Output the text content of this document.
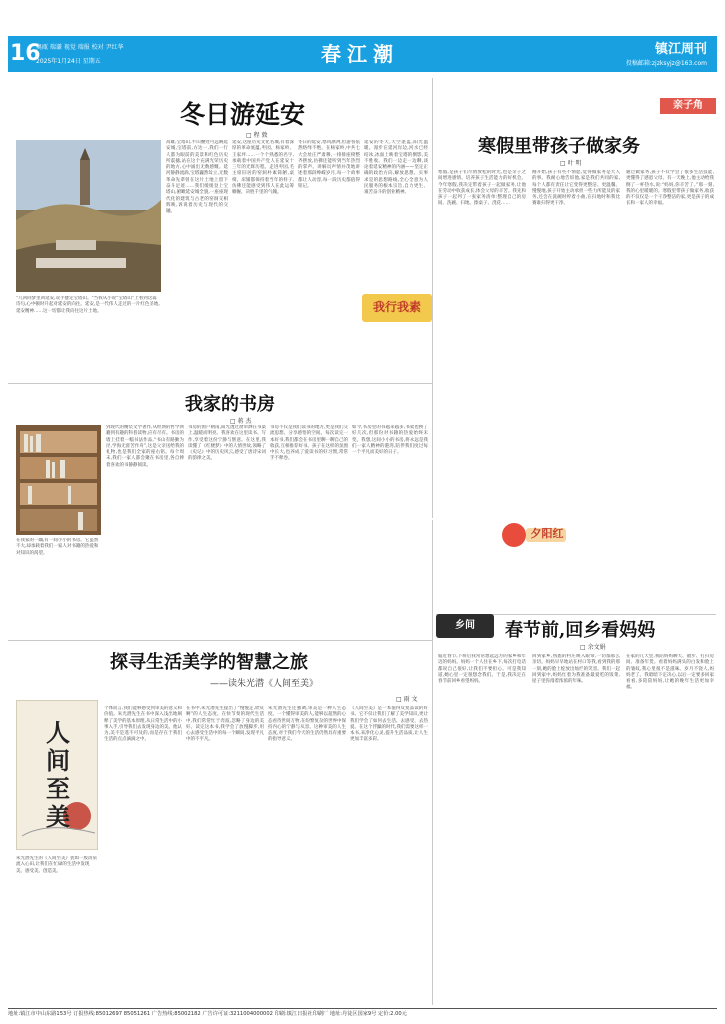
16
奥瓯 瑞谦 视觉 瑞报 校对 尹红华
2025年1月24日 星期五	春江潮	镇江周刊
投稿邮箱:zjzksyjz@163.com
冬日游延安
□ 程 敦
"几回回梦里回延安,双手搂定宝塔山。"当我从小说“宝塔山”上看到这篇诗句,心中顿时升起对延安的向往。延安,是一代伟人走过的一片红色圣地,延安精神……这一切都让我向往这片土地。
高雄,宝塔山,半山腰处可远眺延安城,宝塔前,方达一,我们一行人都为眼前的美景和红色历史所震撼,站在这个充满光荣历史的地方,心中涌出无数感慨。延河静静流淌,宝塔巍然耸立,无数革命先辈曾在这片土地上留下奋斗足迹……我们缓缓登上宝塔山,俯瞰延安城全貌,一座座现代化的建筑与古老的窑洞交相辉映,诉说着历史与现代的交融。
延安,这座历史文化名城,有着深厚的革命底蕴,枣园、杨家岭、王家坪……一个个熟悉的名字,承载着中国共产党人在延安十三年的光辉历程。走进枣园,毛主席旧居的窑洞朴素简陋,桌椅、床铺都保持着当年的样子,仿佛还能感受到伟人在此运筹帷幄、决胜千里的气魄。
冬日的延安,寒风凛冽,但游客依然络绎不绝。在杨家岭,中共七大会址庄严肃穆,一排排座椅整齐摆放,仿佛还能听到当年热烈的掌声。讲解员声情并茂地讲述着那段峥嵘岁月,每一个故事都让人动容,每一段历史都值得铭记。
延安的冬天,天空湛蓝,阳光温暖。漫步在延河岸边,河水已经结冰,冰面上映着宝塔的倒影,美不胜收。我们一边走一边聊,谈论着延安精神的内涵——坚定正确的政治方向,解放思想、实事求是的思想路线,全心全意为人民服务的根本宗旨,自力更生、艰苦奋斗的创业精神。
亲子角
寒假里带孩子做家务
□ 叶 明
寒假,是孩子们尽情放松的时光,也是亲子之间增进感情、培养孩子生活能力的好机会。今年寒假,我决定带着孩子一起做家务,让他在劳动中收获成长,体会父母的辛苦。我先和孩子一起列了一张家务清单:整理自己的房间、洗碗、扫地、擦桌子、浇花……
刚开始,孩子有些不情愿,觉得做家务是大人的事。我耐心地告诉他,家是我们共同的家,每个人都有责任让它变得更整洁、更温馨。慢慢地,孩子开始主动承担一些力所能及的家务,还会在洗碗时哼着小曲,在扫地时和我比赛谁扫得更干净。
通过做家务,孩子不仅学会了很多生活技能,更懂得了感恩父母。有一天晚上,他主动给我倒了一杯热水,说:“妈妈,你辛苦了。”那一刻,我的心里暖暖的。寒假里带孩子做家务,收获的不仅仅是一个干净整洁的家,更是孩子的成长和一家人的幸福。
我行我素
我家的书房
□ 蒋 杰
在我家的一隅,有一间小小的书房。它虽然不大,却承载着我们一家人对书籍的热爱和对知识的渴望。
到现代的精装文学著作,从经典的哲学典籍到有趣的科普读物,应有尽有。书房的墙上挂着一幅书法作品,“书山有路勤为径,学海无涯苦作舟”,这是父亲送给我的礼物,也是我们全家的座右铭。每个周末,我们一家人都会聚在书房里,各自捧着喜欢的书静静阅读。
书房的窗户朝南,阳光透过窗帘洒在书桌上,温暖而明亮。我喜欢在这里读书、写作,享受着这份宁静与惬意。在这里,我读懂了《红楼梦》中的人情世故,领略了《史记》中的历史风云,感受了唐诗宋词的韵律之美。
书房不仅是我们读书的地方,更是我们交流思想、分享感悟的空间。每次读完一本好书,我们都会在书房里聊一聊自己的收获,互相推荐好书。孩子在这样的氛围中长大,也养成了爱读书的好习惯,常常手不释卷。
如今,书房里的书越来越多,书架也换了好几次,但那份对书籍的热爱始终未变。我想,这间小小的书房,将永远是我们一家人精神的港湾,陪伴我们度过每一个平凡而美好的日子。
夕阳红
探寻生活美学的智慧之旅
——读朱光潜《人间至美》
□ 雨 文
人间至美
朱光潜先生的《人间至美》犹如一股清泉流入心田,让我们在忙碌的生活中发现美、感受美、创造美。
个体而言,我们能够感受到审美的意义和价值。朱光潜先生在书中深入浅出地阐释了美学的基本原理,从日常生活中的小事入手,引导我们去发现身边的美。他认为,美不是遥不可及的,而是存在于我们生活的点点滴滴之中。
在书中,朱光潜先生提出了“慢慢走,欣赏啊”的人生态度。在快节奏的现代生活中,我们常常忙于奔波,忽略了身边的美好。读完这本书,我学会了放慢脚步,用心去感受生活中的每一个瞬间,发现平凡中的不平凡。
朱光潜先生还强调,审美是一种人生态度。一个懂得审美的人,能够以超然的心态看待世间万物,在纷繁复杂的世界中保持内心的宁静与从容。这种审美的人生态度,对于我们今天的生活仍然具有重要的指导意义。
《人间至美》是一本值得反复品读的好书。它不仅让我们了解了美学知识,更让我们学会了如何去生活、去感受、去热爱。在这个浮躁的时代,我们需要这样一本书,来净化心灵,提升生活品质,让人生更加丰富多彩。
乡间	春节前,回乡看妈妈
□ 余文娟
临近春节,下班后我常常想起远方的家乡和年迈的妈妈。妈妈一个人住在乡下,每次打电话都说自己很好,让我们不要担心。可是我知道,她心里一定很想念我们。于是,我决定在春节前回乡看望妈妈。
回到家乡,熟悉的村庄映入眼帘,一切都那么亲切。妈妈早早地站在村口等我,看到我的那一刻,她的脸上绽放出灿烂的笑容。我们一起回到家中,妈妈忙着为我准备最爱吃的饭菜,屋子里弥漫着浓浓的年味。
在家的几天里,我陪妈妈聊天、散步、打扫房间、准备年货。看着妈妈满头的白发和脸上的皱纹,我心里很不是滋味。岁月不饶人,妈妈老了。我暗暗下定决心,以后一定要多回家看看,多陪陪妈妈,让她的晚年生活更加幸福。
地址:镇江市中山东路153号 订报热线:85012697 85051261 广告热线:85002182 广告许可证:3211004000002 印刷:镇江日报社印刷厂 地址:丹徒区国家9号 定价:2.00元
